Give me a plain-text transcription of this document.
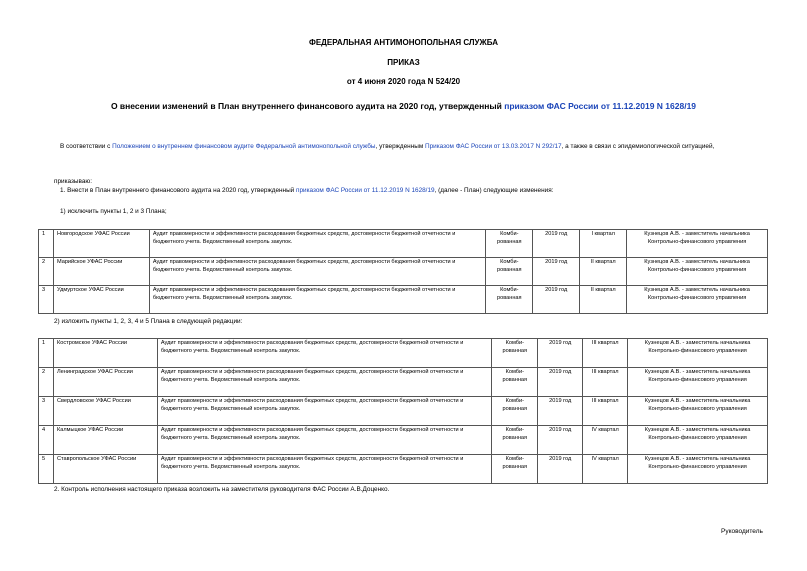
ФЕДЕРАЛЬНАЯ АНТИМОНОПОЛЬНАЯ СЛУЖБА
ПРИКАЗ
от 4 июня 2020 года N 524/20
О внесении изменений в План внутреннего финансового аудита на 2020 год, утвержденный приказом ФАС России от 11.12.2019 N 1628/19
В соответствии с Положением о внутреннем финансовом аудите Федеральной антимонопольной службы, утвержденным Приказом ФАС России от 13.03.2017 N 292/17, а также в связи с эпидемиологической ситуацией,
приказываю:
1. Внести в План внутреннего финансового аудита на 2020 год, утвержденный приказом ФАС России от 11.12.2019 N 1628/19, (далее - План) следующие изменения:
1) исключить пункты 1, 2 и 3 Плана;
1	Новгородское УФАС России	Аудит правомерности и эффективности расходования бюджетных средств, достоверности бюджетной отчетности и бюджетного учета. Ведомственный контроль закупок.	Комби-рованная	2019 год	I квартал	Кузнецов А.В. - заместитель начальника Контрольно-финансового управления
2	Марийское УФАС России	Аудит правомерности и эффективности расходования бюджетных средств, достоверности бюджетной отчетности и бюджетного учета. Ведомственный контроль закупок.	Комби-рованная	2019 год	II квартал	Кузнецов А.В. - заместитель начальника Контрольно-финансового управления
3	Удмуртское УФАС России	Аудит правомерности и эффективности расходования бюджетных средств, достоверности бюджетной отчетности и бюджетного учета. Ведомственный контроль закупок.	Комби-рованная	2019 год	II квартал	Кузнецов А.В. - заместитель начальника Контрольно-финансового управления
2) изложить пункты 1, 2, 3, 4 и 5 Плана в следующей редакции:
1	Костромское УФАС России	Аудит правомерности и эффективности расходования бюджетных средств, достоверности бюджетной отчетности и бюджетного учета. Ведомственный контроль закупок.	Комби-рованная	2019 год	III квартал	Кузнецов А.В. - заместитель начальника Контрольно-финансового управления
2	Ленинградское УФАС России	Аудит правомерности и эффективности расходования бюджетных средств, достоверности бюджетной отчетности и бюджетного учета. Ведомственный контроль закупок.	Комби-рованная	2019 год	III квартал	Кузнецов А.В. - заместитель начальника Контрольно-финансового управления
3	Свердловское УФАС России	Аудит правомерности и эффективности расходования бюджетных средств, достоверности бюджетной отчетности и бюджетного учета. Ведомственный контроль закупок.	Комби-рованная	2019 год	III квартал	Кузнецов А.В. - заместитель начальника Контрольно-финансового управления
4	Калмыцкое УФАС России	Аудит правомерности и эффективности расходования бюджетных средств, достоверности бюджетной отчетности и бюджетного учета. Ведомственный контроль закупок.	Комби-рованная	2019 год	IV квартал	Кузнецов А.В. - заместитель начальника Контрольно-финансового управления
5	Ставропольское УФАС России	Аудит правомерности и эффективности расходования бюджетных средств, достоверности бюджетной отчетности и бюджетного учета. Ведомственный контроль закупок.	Комби-рованная	2019 год	IV квартал	Кузнецов А.В. - заместитель начальника Контрольно-финансового управления
2. Контроль исполнения настоящего приказа возложить на заместителя руководителя ФАС России А.В.Доценко.
Руководитель
